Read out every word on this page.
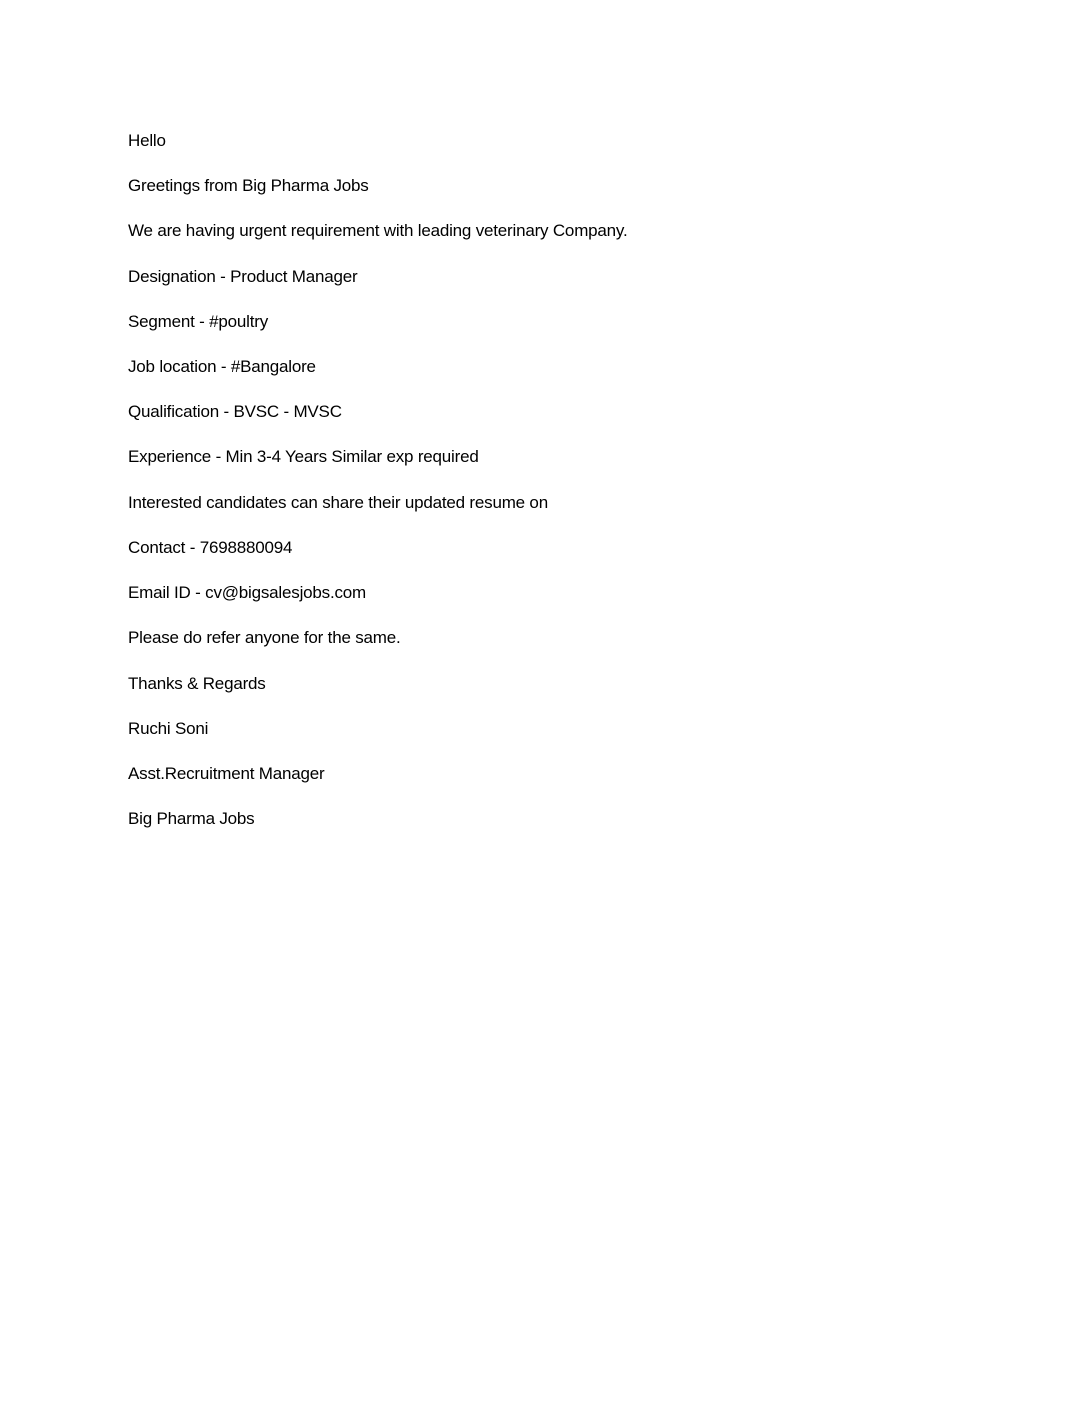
Hello

Greetings from Big Pharma Jobs

We are having urgent requirement with leading veterinary Company.

Designation - Product Manager

Segment - #poultry

Job location - #Bangalore

Qualification - BVSC - MVSC

Experience - Min 3-4 Years Similar exp required

Interested candidates can share their updated resume on

Contact - 7698880094

Email ID - cv@bigsalesjobs.com

Please do refer anyone for the same.

Thanks & Regards

Ruchi Soni

Asst.Recruitment Manager

Big Pharma Jobs
